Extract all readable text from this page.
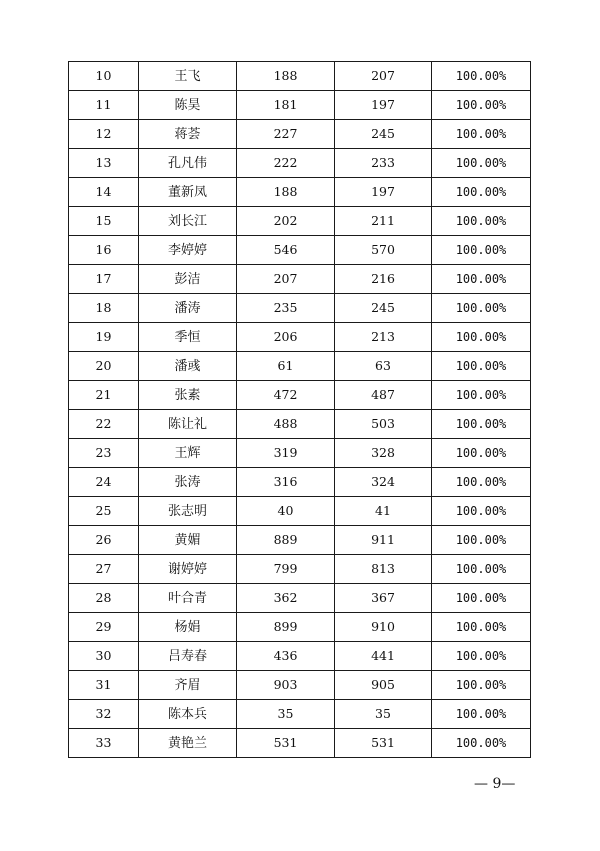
10	王飞	188	207	100.00%
11	陈昊	181	197	100.00%
12	蒋荟	227	245	100.00%
13	孔凡伟	222	233	100.00%
14	董新凤	188	197	100.00%
15	刘长江	202	211	100.00%
16	李婷婷	546	570	100.00%
17	彭洁	207	216	100.00%
18	潘涛	235	245	100.00%
19	季恒	206	213	100.00%
20	潘彧	61	63	100.00%
21	张素	472	487	100.00%
22	陈让礼	488	503	100.00%
23	王辉	319	328	100.00%
24	张涛	316	324	100.00%
25	张志明	40	41	100.00%
26	黄媚	889	911	100.00%
27	谢婷婷	799	813	100.00%
28	叶合青	362	367	100.00%
29	杨娟	899	910	100.00%
30	吕寿春	436	441	100.00%
31	齐眉	903	905	100.00%
32	陈本兵	35	35	100.00%
33	黄艳兰	531	531	100.00%
— 9—
